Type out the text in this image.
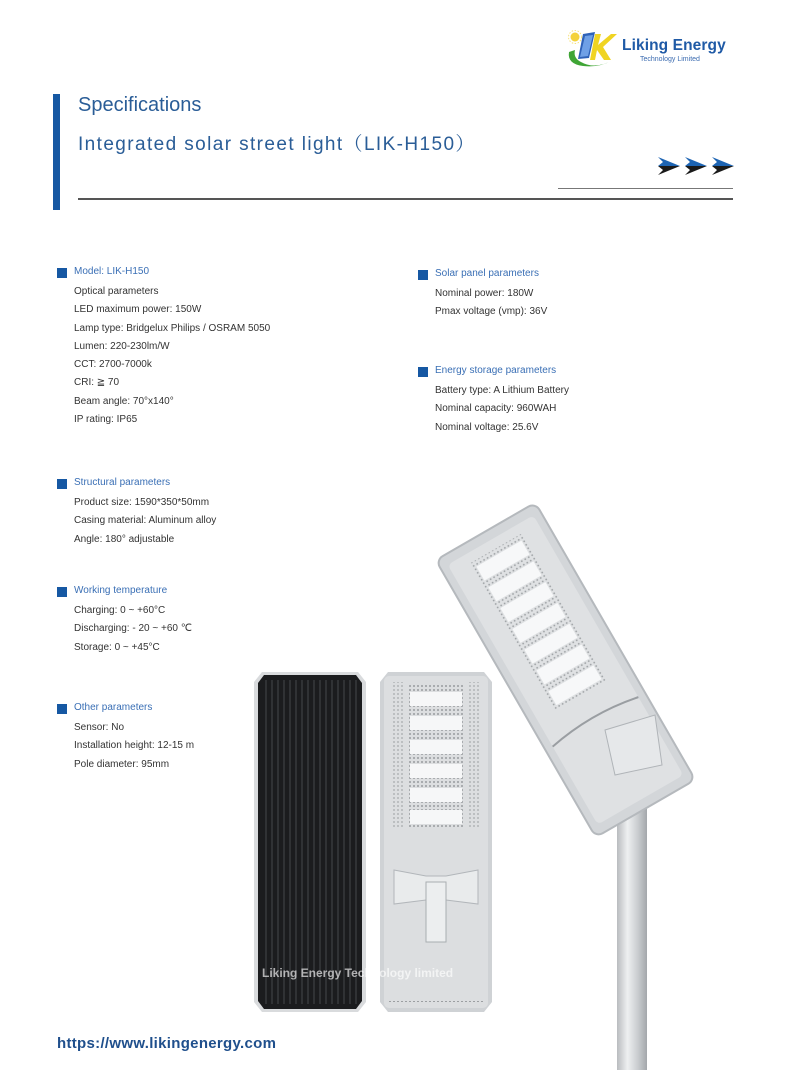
Liking Energy
Technology Limited
Specifications
Integrated solar street light（LIK-H150）
Model: LIK-H150
Optical parameters
LED maximum power: 150W
Lamp type: Bridgelux Philips / OSRAM 5050
Lumen: 220-230lm/W
CCT: 2700-7000k
CRI: ≧ 70
Beam angle: 70°x140°
IP rating: IP65
Solar panel parameters
Nominal power: 180W
Pmax voltage (vmp): 36V
Energy storage parameters
Battery type: A Lithium Battery
Nominal capacity: 960WAH
Nominal voltage: 25.6V
Structural parameters
Product size: 1590*350*50mm
Casing material: Aluminum alloy
Angle: 180° adjustable
Working temperature
Charging: 0 ~ +60°C
Discharging: - 20 ~ +60 ℃
Storage: 0 ~ +45°C
Other parameters
Sensor: No
Installation height: 12-15 m
Pole diameter: 95mm
Liking Energy Technology limited
https://www.likingenergy.com
